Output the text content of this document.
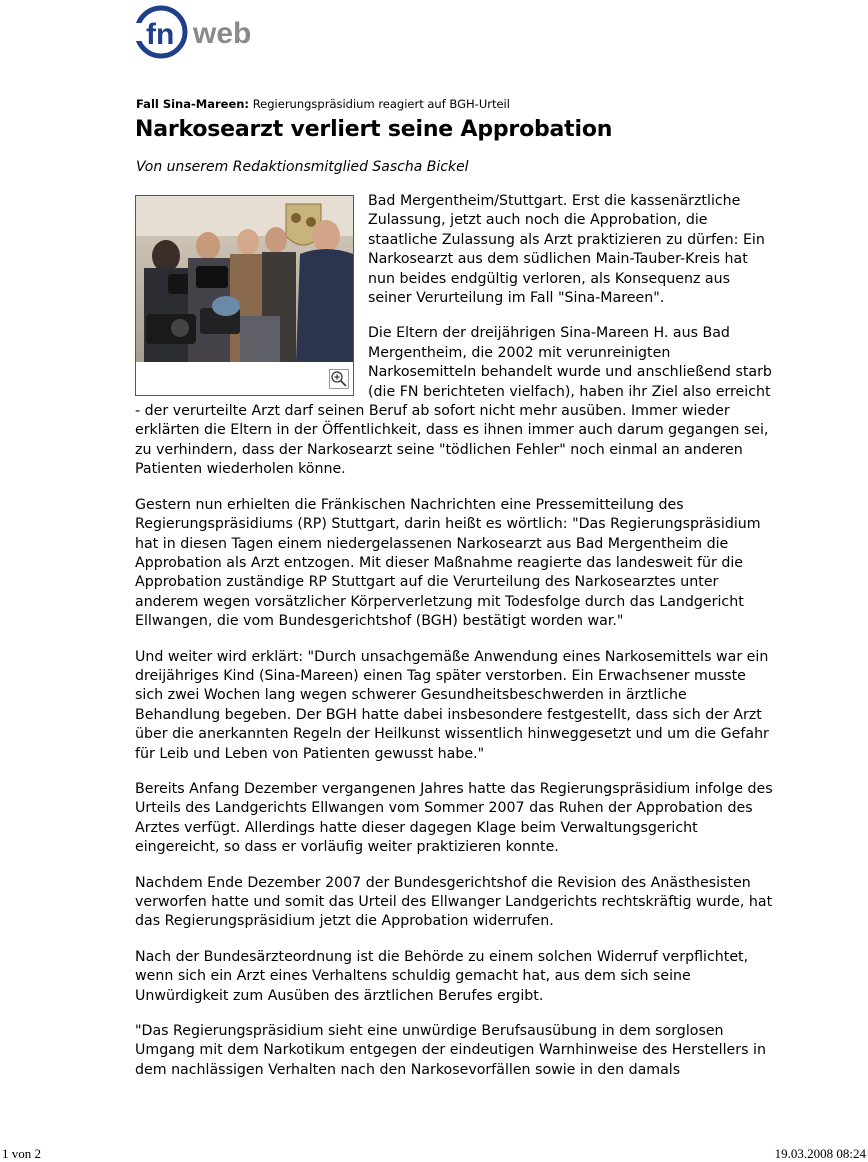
fn web
Fall Sina-Mareen: Regierungspräsidium reagiert auf BGH-Urteil
Narkosearzt verliert seine Approbation
Von unserem Redaktionsmitglied Sascha Bickel

Bad Mergentheim/Stuttgart. Erst die kassenärztliche Zulassung, jetzt auch noch die Approbation, die staatliche Zulassung als Arzt praktizieren zu dürfen: Ein Narkosearzt aus dem südlichen Main-Tauber-Kreis hat nun beides endgültig verloren, als Konsequenz aus seiner Verurteilung im Fall "Sina-Mareen".

Die Eltern der dreijährigen Sina-Mareen H. aus Bad Mergentheim, die 2002 mit verunreinigten Narkosemitteln behandelt wurde und anschließend starb (die FN berichteten vielfach), haben ihr Ziel also erreicht - der verurteilte Arzt darf seinen Beruf ab sofort nicht mehr ausüben. Immer wieder erklärten die Eltern in der Öffentlichkeit, dass es ihnen immer auch darum gegangen sei, zu verhindern, dass der Narkosearzt seine "tödlichen Fehler" noch einmal an anderen Patienten wiederholen könne.

Gestern nun erhielten die Fränkischen Nachrichten eine Pressemitteilung des Regierungspräsidiums (RP) Stuttgart, darin heißt es wörtlich: "Das Regierungspräsidium hat in diesen Tagen einem niedergelassenen Narkosearzt aus Bad Mergentheim die Approbation als Arzt entzogen. Mit dieser Maßnahme reagierte das landesweit für die Approbation zuständige RP Stuttgart auf die Verurteilung des Narkosearztes unter anderem wegen vorsätzlicher Körperverletzung mit Todesfolge durch das Landgericht Ellwangen, die vom Bundesgerichtshof (BGH) bestätigt worden war."

Und weiter wird erklärt: "Durch unsachgemäße Anwendung eines Narkosemittels war ein dreijähriges Kind (Sina-Mareen) einen Tag später verstorben. Ein Erwachsener musste sich zwei Wochen lang wegen schwerer Gesundheitsbeschwerden in ärztliche Behandlung begeben. Der BGH hatte dabei insbesondere festgestellt, dass sich der Arzt über die anerkannten Regeln der Heilkunst wissentlich hinweggesetzt und um die Gefahr für Leib und Leben von Patienten gewusst habe."

Bereits Anfang Dezember vergangenen Jahres hatte das Regierungspräsidium infolge des Urteils des Landgerichts Ellwangen vom Sommer 2007 das Ruhen der Approbation des Arztes verfügt. Allerdings hatte dieser dagegen Klage beim Verwaltungsgericht eingereicht, so dass er vorläufig weiter praktizieren konnte.

Nachdem Ende Dezember 2007 der Bundesgerichtshof die Revision des Anästhesisten verworfen hatte und somit das Urteil des Ellwanger Landgerichts rechtskräftig wurde, hat das Regierungspräsidium jetzt die Approbation widerrufen.

Nach der Bundesärzteordnung ist die Behörde zu einem solchen Widerruf verpflichtet, wenn sich ein Arzt eines Verhaltens schuldig gemacht hat, aus dem sich seine Unwürdigkeit zum Ausüben des ärztlichen Berufes ergibt.

"Das Regierungspräsidium sieht eine unwürdige Berufsausübung in dem sorglosen Umgang mit dem Narkotikum entgegen der eindeutigen Warnhinweise des Herstellers in dem nachlässigen Verhalten nach den Narkosevorfällen sowie in den damals

1 von 2	19.03.2008 08:24
